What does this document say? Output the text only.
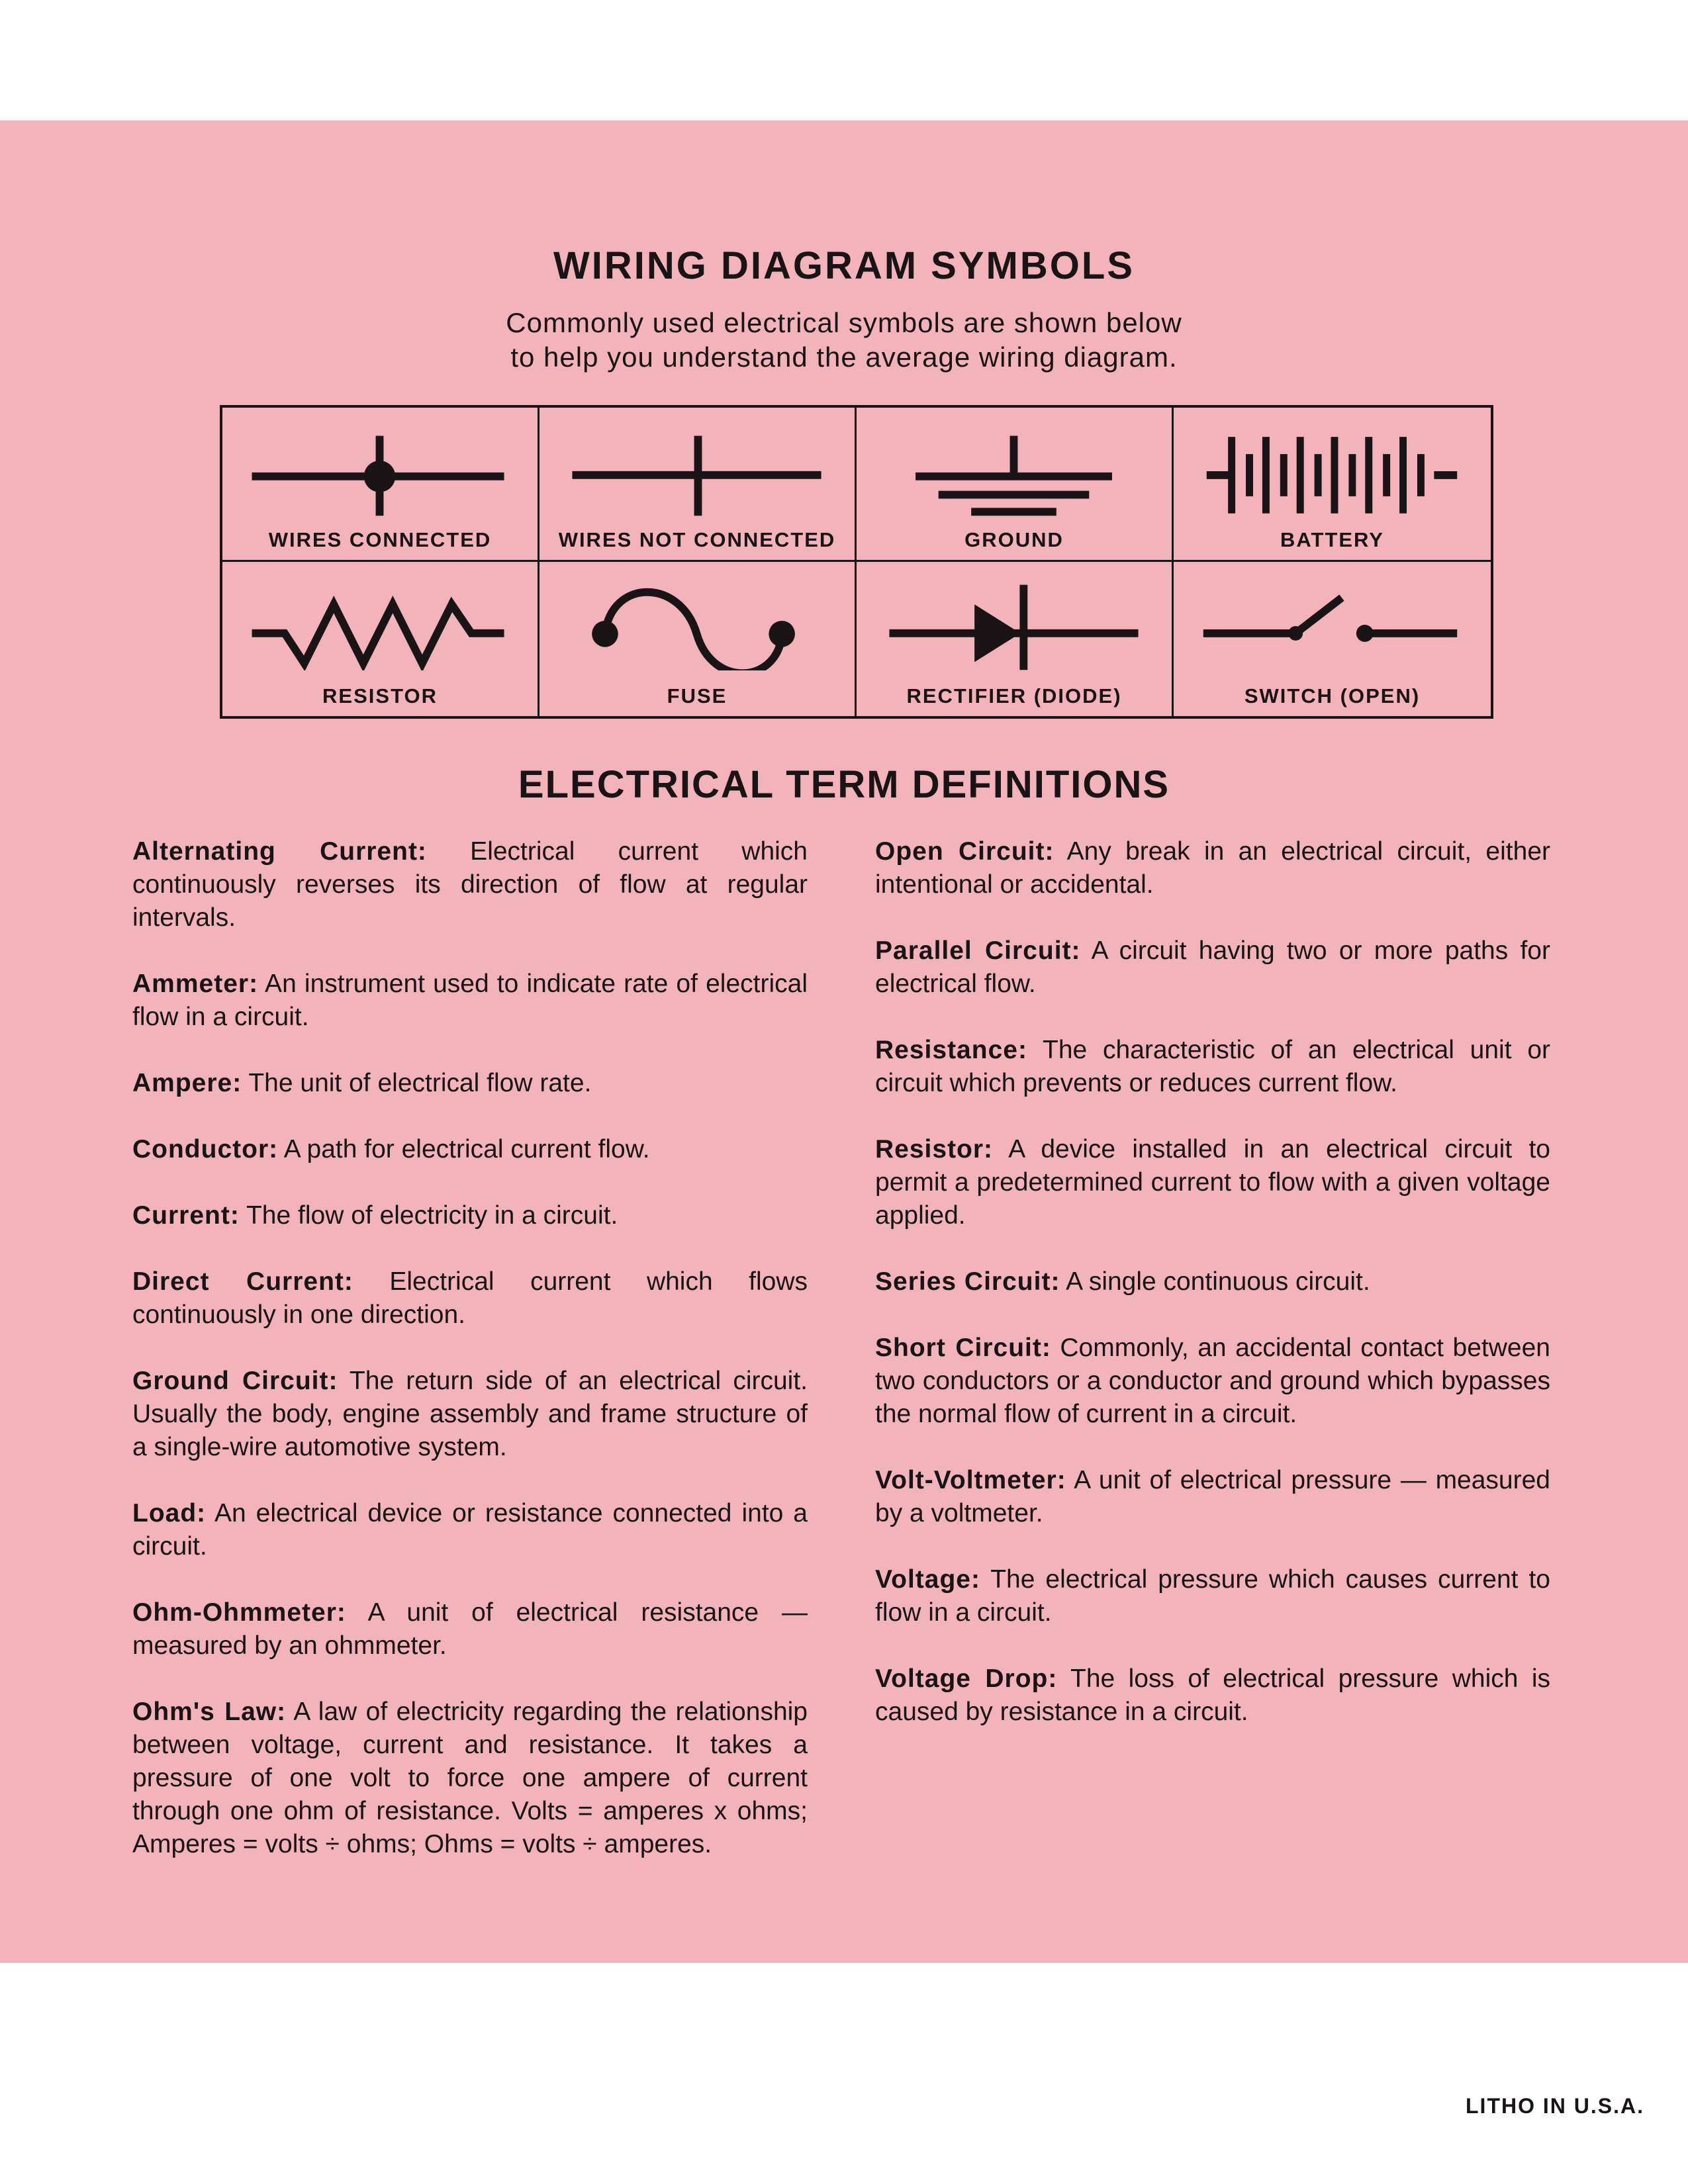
WIRING DIAGRAM SYMBOLS
Commonly used electrical symbols are shown below
to help you understand the average wiring diagram.
WIRES CONNECTED	WIRES NOT CONNECTED	GROUND	BATTERY
RESISTOR	FUSE	RECTIFIER (DIODE)	SWITCH (OPEN)
ELECTRICAL TERM DEFINITIONS

Alternating Current: Electrical current which continuously reverses its direction of flow at regular intervals.

Ammeter: An instrument used to indicate rate of electrical flow in a circuit.

Ampere: The unit of electrical flow rate.

Conductor: A path for electrical current flow.

Current: The flow of electricity in a circuit.

Direct Current: Electrical current which flows continuously in one direction.

Ground Circuit: The return side of an electrical circuit. Usually the body, engine assembly and frame structure of a single-wire automotive system.

Load: An electrical device or resistance connected into a circuit.

Ohm-Ohmmeter: A unit of electrical resistance — measured by an ohmmeter.

Ohm's Law: A law of electricity regarding the relationship between voltage, current and resistance. It takes a pressure of one volt to force one ampere of current through one ohm of resistance. Volts = amperes x ohms; Amperes = volts ÷ ohms; Ohms = volts ÷ amperes.

Open Circuit: Any break in an electrical circuit, either intentional or accidental.

Parallel Circuit: A circuit having two or more paths for electrical flow.

Resistance: The characteristic of an electrical unit or circuit which prevents or reduces current flow.

Resistor: A device installed in an electrical circuit to permit a predetermined current to flow with a given voltage applied.

Series Circuit: A single continuous circuit.

Short Circuit: Commonly, an accidental contact between two conductors or a conductor and ground which bypasses the normal flow of current in a circuit.

Volt-Voltmeter: A unit of electrical pressure — measured by a voltmeter.

Voltage: The electrical pressure which causes current to flow in a circuit.

Voltage Drop: The loss of electrical pressure which is caused by resistance in a circuit.

LITHO IN U.S.A.
